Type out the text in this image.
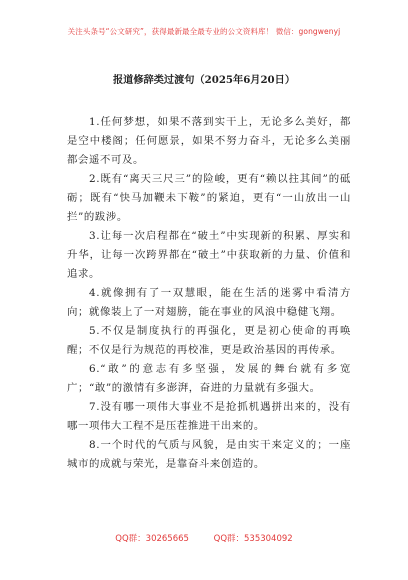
关注头条号“公文研究”，获得最新最全最专业的公文资料库！ 微信：gongwenyj
报道修辞类过渡句（2025年6月20日）

1.任何梦想，如果不落到实干上，无论多么美好，都是空中楼阁；任何愿景，如果不努力奋斗，无论多么美丽都会遥不可及。

2.既有“离天三尺三”的险峻，更有“赖以拄其间”的砥砺；既有“快马加鞭未下鞍”的紧迫，更有“一山放出一山拦”的跋涉。

3.让每一次启程都在“破土”中实现新的积累、厚实和升华，让每一次跨界都在“破土”中获取新的力量、价值和追求。

4.就像拥有了一双慧眼，能在生活的迷雾中看清方向；就像装上了一对翅膀，能在事业的风浪中稳健飞翔。

5.不仅是制度执行的再强化，更是初心使命的再唤醒；不仅是行为规范的再校准，更是政治基因的再传承。

6.“敢”的意志有多坚强，发展的舞台就有多宽广；“敢”的激情有多澎湃，奋进的力量就有多强大。

7.没有哪一项伟大事业不是抢抓机遇拼出来的，没有哪一项伟大工程不是压茬推进干出来的。

8.一个时代的气质与风貌，是由实干来定义的；一座城市的成就与荣光，是靠奋斗来创造的。

QQ群：30265665	QQ群：535304092
